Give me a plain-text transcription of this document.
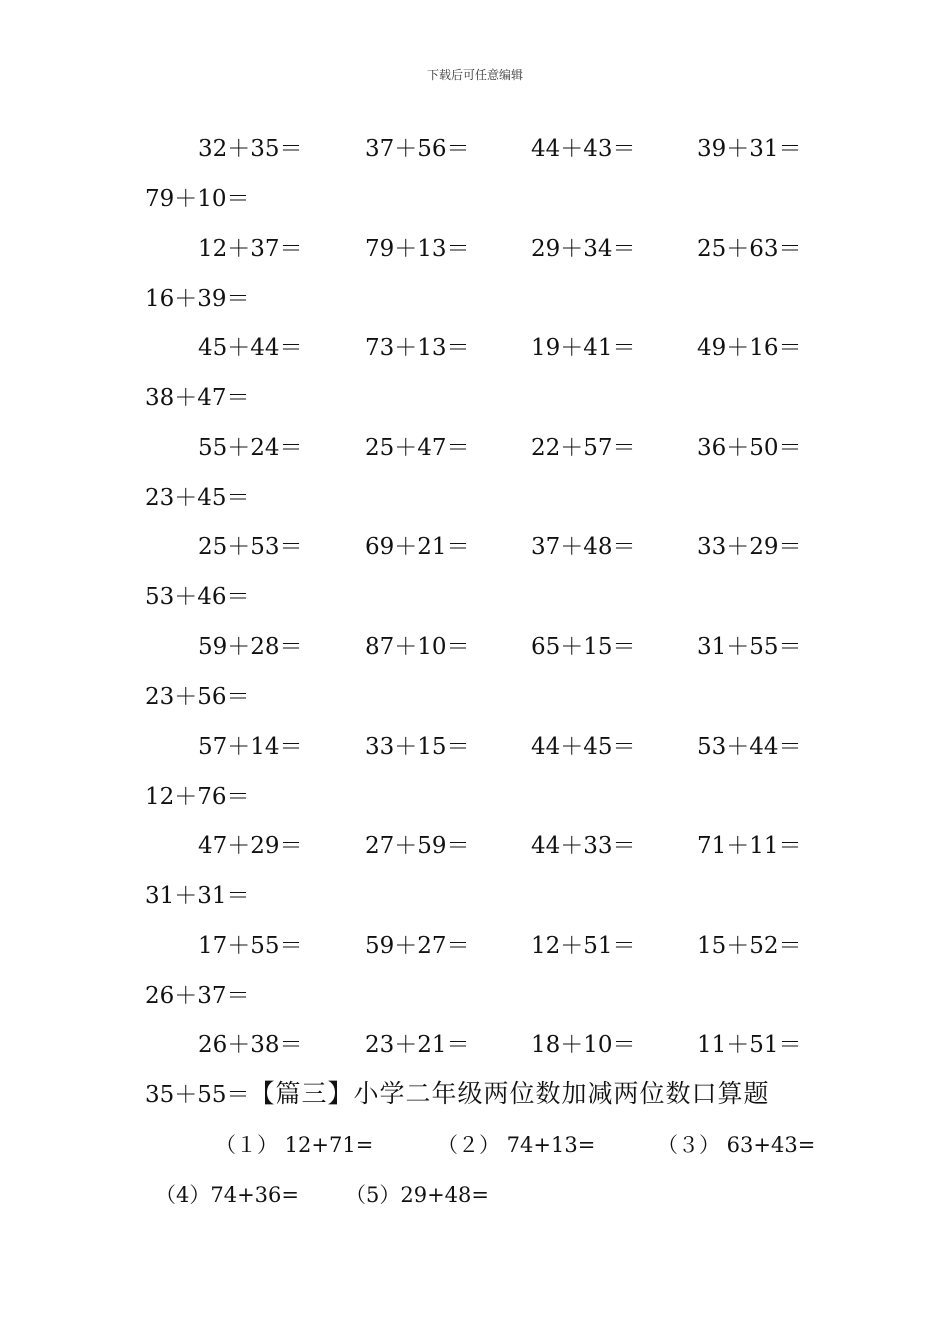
下载后可任意编辑
32＋35＝	37＋56＝	44＋43＝	39＋31＝
79＋10＝
12＋37＝	79＋13＝	29＋34＝	25＋63＝
16＋39＝
45＋44＝	73＋13＝	19＋41＝	49＋16＝
38＋47＝
55＋24＝	25＋47＝	22＋57＝	36＋50＝
23＋45＝
25＋53＝	69＋21＝	37＋48＝	33＋29＝
53＋46＝
59＋28＝	87＋10＝	65＋15＝	31＋55＝
23＋56＝
57＋14＝	33＋15＝	44＋45＝	53＋44＝
12＋76＝
47＋29＝	27＋59＝	44＋33＝	71＋11＝
31＋31＝
17＋55＝	59＋27＝	12＋51＝	15＋52＝
26＋37＝
26＋38＝	23＋21＝	18＋10＝	11＋51＝
35＋55＝【篇三】小学二年级两位数加减两位数口算题
（１） 12+71=	（２） 74+13=	（３） 63+43=
（4）74+36= （5）29+48=
